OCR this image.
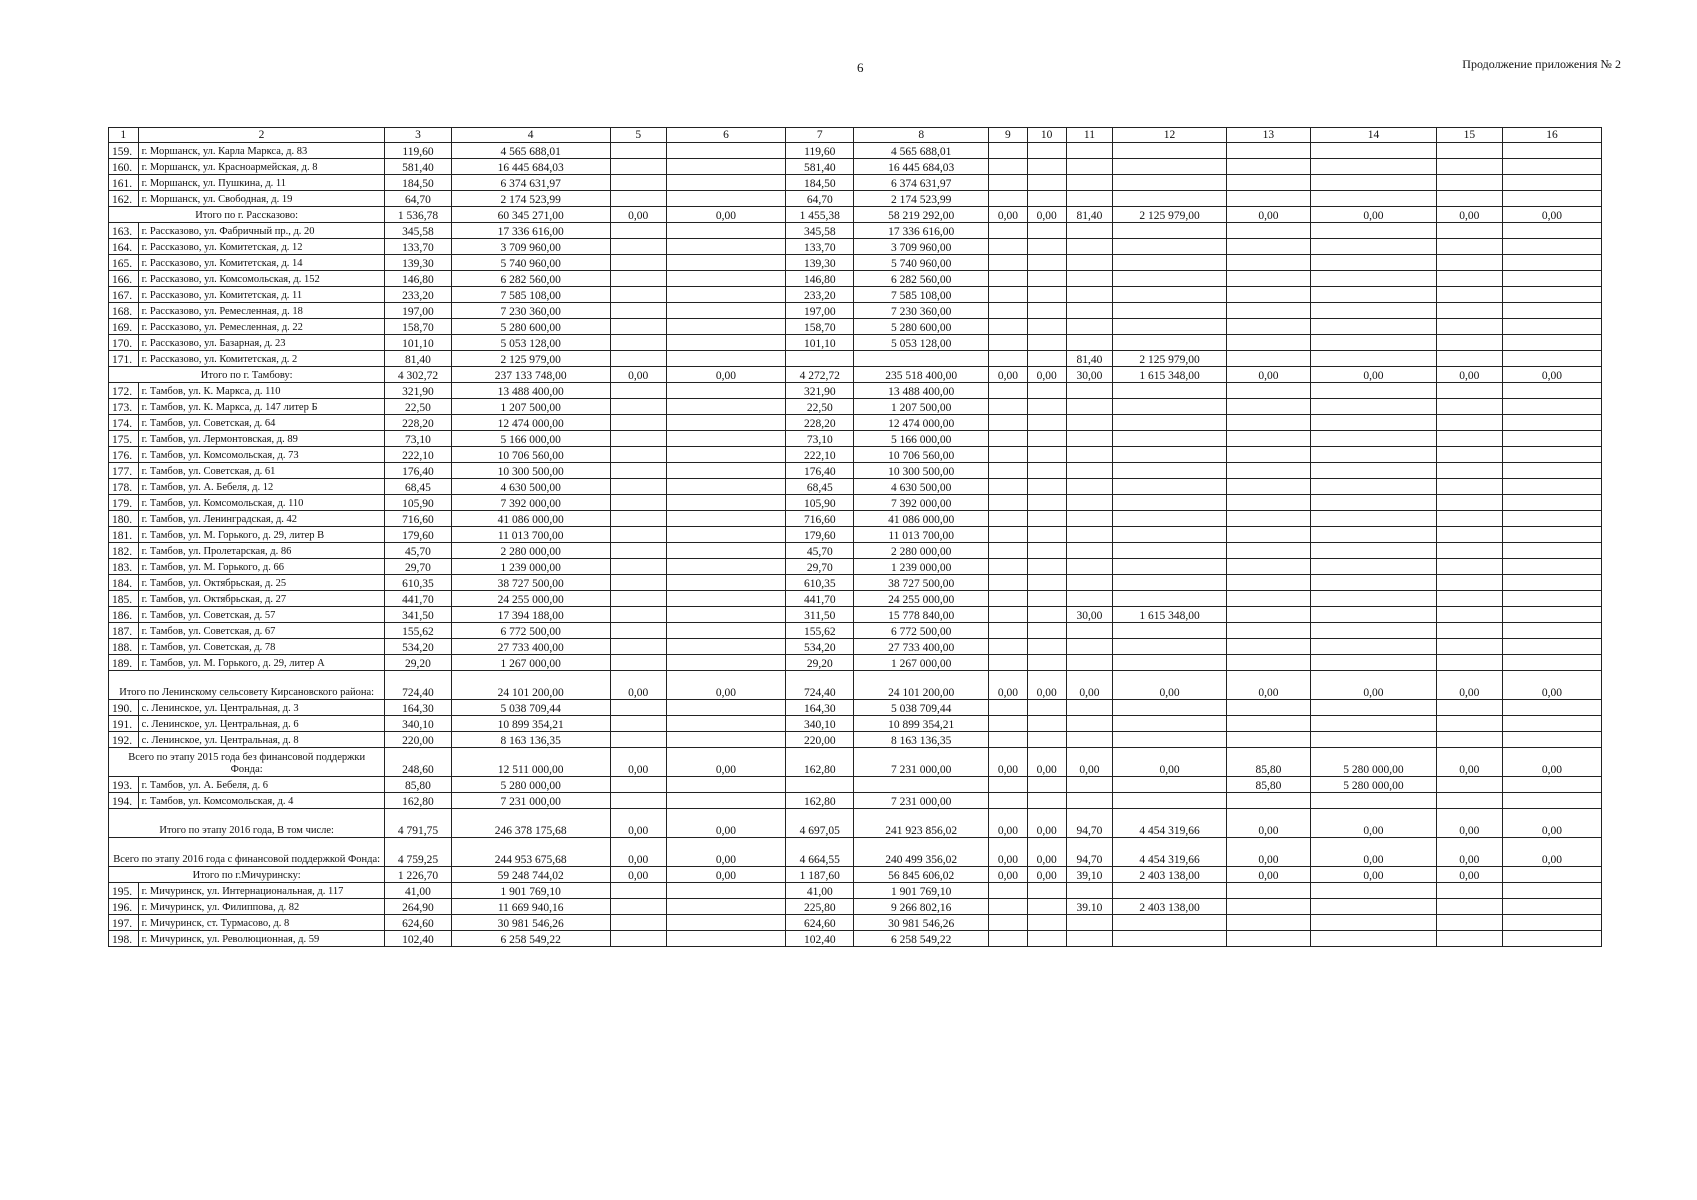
6	Продолжение приложения № 2
1	2	3	4	5	6	7	8	9	10	11	12	13	14	15	16
159.	г. Моршанск, ул. Карла Маркса, д. 83	119,60	4 565 688,01			119,60	4 565 688,01								
160.	г. Моршанск, ул. Красноармейская, д. 8	581,40	16 445 684,03			581,40	16 445 684,03								
161.	г. Моршанск, ул. Пушкина, д. 11	184,50	6 374 631,97			184,50	6 374 631,97								
162.	г. Моршанск, ул. Свободная, д. 19	64,70	2 174 523,99			64,70	2 174 523,99								
Итого по г. Рассказово:		1 536,78	60 345 271,00	0,00	0,00	1 455,38	58 219 292,00	0,00	0,00	81,40	2 125 979,00	0,00	0,00	0,00	0,00
163.	г. Рассказово, ул. Фабричный пр., д. 20	345,58	17 336 616,00			345,58	17 336 616,00								
164.	г. Рассказово, ул. Комитетская, д. 12	133,70	3 709 960,00			133,70	3 709 960,00								
165.	г. Рассказово, ул. Комитетская, д. 14	139,30	5 740 960,00			139,30	5 740 960,00								
166.	г. Рассказово, ул. Комсомольская, д. 152	146,80	6 282 560,00			146,80	6 282 560,00								
167.	г. Рассказово, ул. Комитетская, д. 11	233,20	7 585 108,00			233,20	7 585 108,00								
168.	г. Рассказово, ул. Ремесленная, д. 18	197,00	7 230 360,00			197,00	7 230 360,00								
169.	г. Рассказово, ул. Ремесленная, д. 22	158,70	5 280 600,00			158,70	5 280 600,00								
170.	г. Рассказово, ул. Базарная, д. 23	101,10	5 053 128,00			101,10	5 053 128,00								
171.	г. Рассказово, ул. Комитетская, д. 2	81,40	2 125 979,00							81,40	2 125 979,00				
Итого по г. Тамбову:		4 302,72	237 133 748,00	0,00	0,00	4 272,72	235 518 400,00	0,00	0,00	30,00	1 615 348,00	0,00	0,00	0,00	0,00
172.	г. Тамбов, ул. К. Маркса, д. 110	321,90	13 488 400,00			321,90	13 488 400,00								
173.	г. Тамбов, ул. К. Маркса, д. 147 литер Б	22,50	1 207 500,00			22,50	1 207 500,00								
174.	г. Тамбов, ул. Советская, д. 64	228,20	12 474 000,00			228,20	12 474 000,00								
175.	г. Тамбов, ул. Лермонтовская, д. 89	73,10	5 166 000,00			73,10	5 166 000,00								
176.	г. Тамбов, ул. Комсомольская, д. 73	222,10	10 706 560,00			222,10	10 706 560,00								
177.	г. Тамбов, ул. Советская, д. 61	176,40	10 300 500,00			176,40	10 300 500,00								
178.	г. Тамбов, ул. А. Бебеля, д. 12	68,45	4 630 500,00			68,45	4 630 500,00								
179.	г. Тамбов, ул. Комсомольская, д. 110	105,90	7 392 000,00			105,90	7 392 000,00								
180.	г. Тамбов, ул. Ленинградская, д. 42	716,60	41 086 000,00			716,60	41 086 000,00								
181.	г. Тамбов, ул. М. Горького, д. 29, литер В	179,60	11 013 700,00			179,60	11 013 700,00								
182.	г. Тамбов, ул. Пролетарская, д. 86	45,70	2 280 000,00			45,70	2 280 000,00								
183.	г. Тамбов, ул. М. Горького, д. 66	29,70	1 239 000,00			29,70	1 239 000,00								
184.	г. Тамбов, ул. Октябрьская, д. 25	610,35	38 727 500,00			610,35	38 727 500,00								
185.	г. Тамбов, ул. Октябрьская, д. 27	441,70	24 255 000,00			441,70	24 255 000,00								
186.	г. Тамбов, ул. Советская, д. 57	341,50	17 394 188,00			311,50	15 778 840,00			30,00	1 615 348,00				
187.	г. Тамбов, ул. Советская, д. 67	155,62	6 772 500,00			155,62	6 772 500,00								
188.	г. Тамбов, ул. Советская, д. 78	534,20	27 733 400,00			534,20	27 733 400,00								
189.	г. Тамбов, ул. М. Горького, д. 29, литер А	29,20	1 267 000,00			29,20	1 267 000,00								
Итого по Ленинскому сельсовету Кирсановского района:		724,40	24 101 200,00	0,00	0,00	724,40	24 101 200,00	0,00	0,00	0,00	0,00	0,00	0,00	0,00	0,00
190.	с. Ленинское, ул. Центральная, д. 3	164,30	5 038 709,44			164,30	5 038 709,44								
191.	с. Ленинское, ул. Центральная, д. 6	340,10	10 899 354,21			340,10	10 899 354,21								
192.	с. Ленинское, ул. Центральная, д. 8	220,00	8 163 136,35			220,00	8 163 136,35								
Всего по этапу 2015 года без финансовой поддержки Фонда:		248,60	12 511 000,00	0,00	0,00	162,80	7 231 000,00	0,00	0,00	0,00	0,00	85,80	5 280 000,00	0,00	0,00
193.	г. Тамбов, ул. А. Бебеля, д. 6	85,80	5 280 000,00									85,80	5 280 000,00		
194.	г. Тамбов, ул. Комсомольская, д. 4	162,80	7 231 000,00			162,80	7 231 000,00								
Итого по этапу 2016 года, В том числе:		4 791,75	246 378 175,68	0,00	0,00	4 697,05	241 923 856,02	0,00	0,00	94,70	4 454 319,66	0,00	0,00	0,00	0,00
Всего по этапу 2016 года с финансовой поддержкой Фонда:		4 759,25	244 953 675,68	0,00	0,00	4 664,55	240 499 356,02	0,00	0,00	94,70	4 454 319,66	0,00	0,00	0,00	0,00
Итого по г.Мичуринску:		1 226,70	59 248 744,02	0,00	0,00	1 187,60	56 845 606,02	0,00	0,00	39,10	2 403 138,00	0,00	0,00	0,00	
195.	г. Мичуринск, ул. Интернациональная, д. 117	41,00	1 901 769,10			41,00	1 901 769,10								
196.	г. Мичуринск, ул. Филиппова, д. 82	264,90	11 669 940,16			225,80	9 266 802,16			39.10	2 403 138,00				
197.	г. Мичуринск, ст. Турмасово, д. 8	624,60	30 981 546,26			624,60	30 981 546,26								
198.	г. Мичуринск, ул. Революционная, д. 59	102,40	6 258 549,22			102,40	6 258 549,22								
